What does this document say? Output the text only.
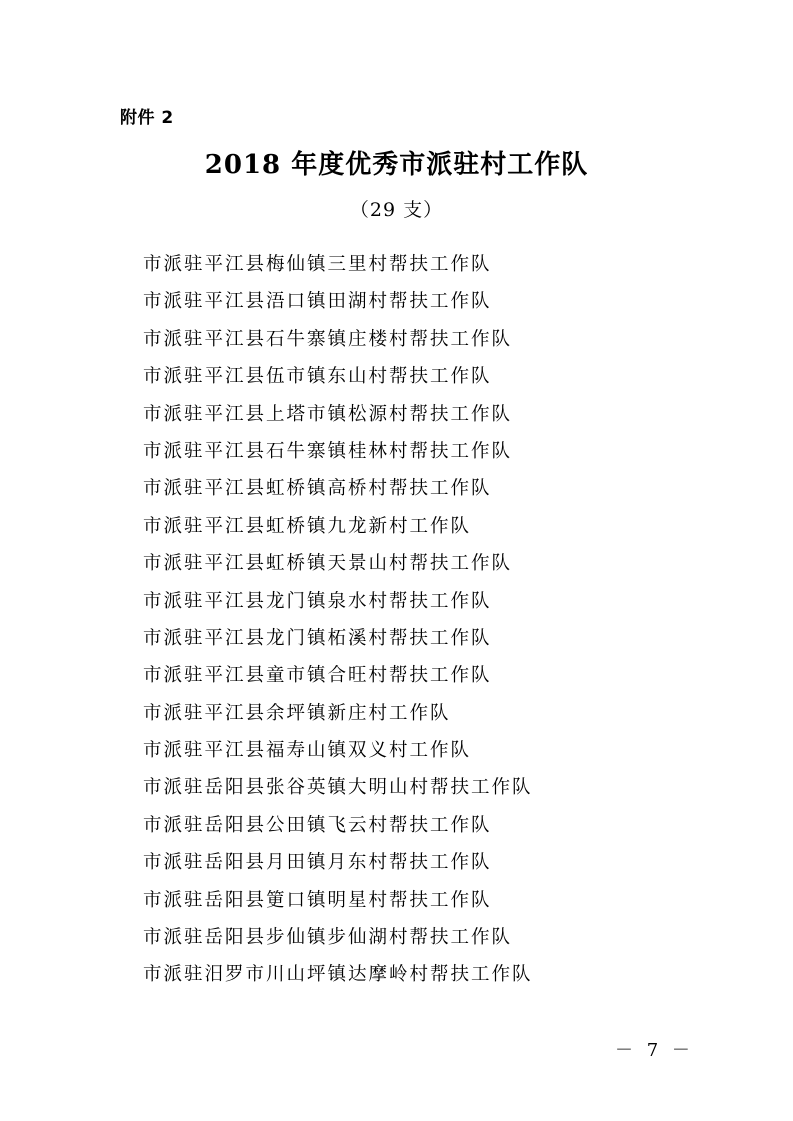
附件 2
2018 年度优秀市派驻村工作队
（29 支）
市派驻平江县梅仙镇三里村帮扶工作队
市派驻平江县浯口镇田湖村帮扶工作队
市派驻平江县石牛寨镇庄楼村帮扶工作队
市派驻平江县伍市镇东山村帮扶工作队
市派驻平江县上塔市镇松源村帮扶工作队
市派驻平江县石牛寨镇桂林村帮扶工作队
市派驻平江县虹桥镇高桥村帮扶工作队
市派驻平江县虹桥镇九龙新村工作队
市派驻平江县虹桥镇天景山村帮扶工作队
市派驻平江县龙门镇泉水村帮扶工作队
市派驻平江县龙门镇柘溪村帮扶工作队
市派驻平江县童市镇合旺村帮扶工作队
市派驻平江县余坪镇新庄村工作队
市派驻平江县福寿山镇双义村工作队
市派驻岳阳县张谷英镇大明山村帮扶工作队
市派驻岳阳县公田镇飞云村帮扶工作队
市派驻岳阳县月田镇月东村帮扶工作队
市派驻岳阳县筻口镇明星村帮扶工作队
市派驻岳阳县步仙镇步仙湖村帮扶工作队
市派驻汨罗市川山坪镇达摩岭村帮扶工作队
－ 7 －
